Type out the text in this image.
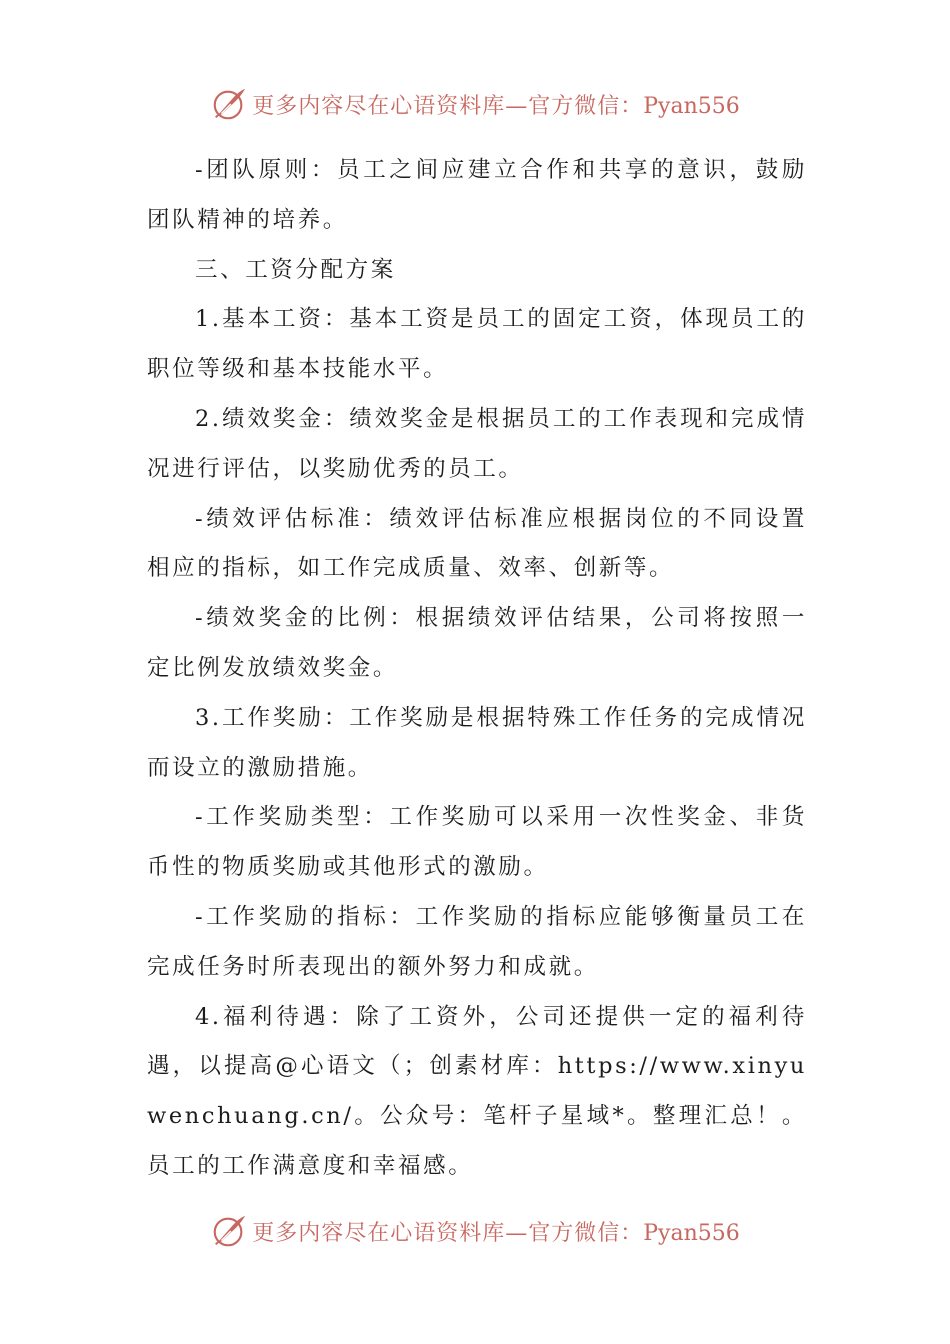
更多内容尽在心语资料库—官方微信：Pyan556

-团队原则：员工之间应建立合作和共享的意识，鼓励团队精神的培养。

三、工资分配方案

1.基本工资：基本工资是员工的固定工资，体现员工的职位等级和基本技能水平。

2.绩效奖金：绩效奖金是根据员工的工作表现和完成情况进行评估，以奖励优秀的员工。

-绩效评估标准：绩效评估标准应根据岗位的不同设置相应的指标，如工作完成质量、效率、创新等。

-绩效奖金的比例：根据绩效评估结果，公司将按照一定比例发放绩效奖金。

3.工作奖励：工作奖励是根据特殊工作任务的完成情况而设立的激励措施。

-工作奖励类型：工作奖励可以采用一次性奖金、非货币性的物质奖励或其他形式的激励。

-工作奖励的指标：工作奖励的指标应能够衡量员工在完成任务时所表现出的额外努力和成就。

4.福利待遇：除了工资外，公司还提供一定的福利待遇，以提高@心语文（；创素材库：https://www.xinyuwenchuang.cn/。公众号：笔杆子星域*。整理汇总！。员工的工作满意度和幸福感。

更多内容尽在心语资料库—官方微信：Pyan556
